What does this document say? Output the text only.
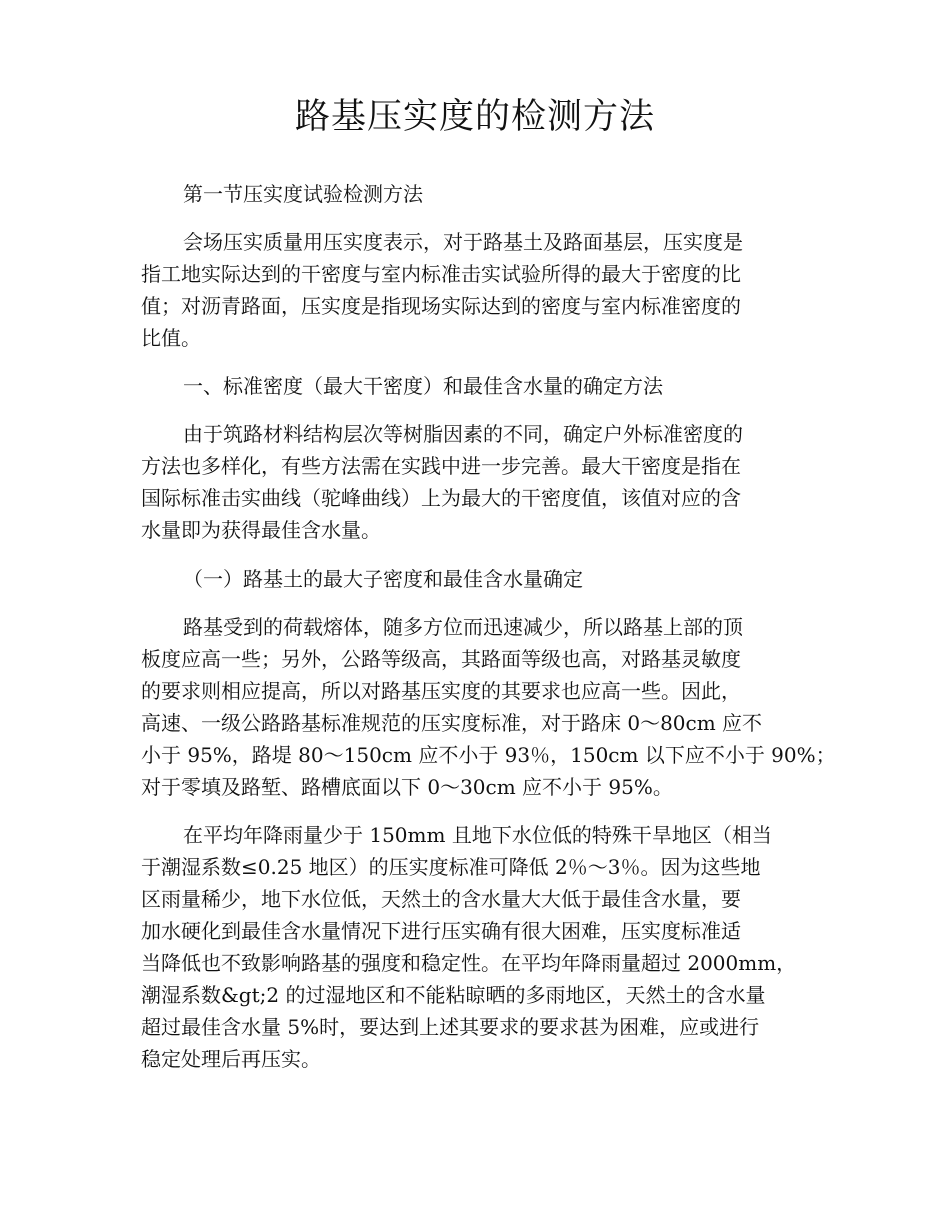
路基压实度的检测方法

第一节压实度试验检测方法

会场压实质量用压实度表示，对于路基土及路面基层，压实度是

指工地实际达到的干密度与室内标准击实试验所得的最大于密度的比

值；对沥青路面，压实度是指现场实际达到的密度与室内标准密度的

比值。

一、标准密度（最大干密度）和最佳含水量的确定方法

由于筑路材料结构层次等树脂因素的不同，确定户外标准密度的

方法也多样化，有些方法需在实践中进一步完善。最大干密度是指在

国际标准击实曲线（驼峰曲线）上为最大的干密度值，该值对应的含

水量即为获得最佳含水量。

（一）路基土的最大子密度和最佳含水量确定

路基受到的荷载熔体，随多方位而迅速减少，所以路基上部的顶

板度应高一些；另外，公路等级高，其路面等级也高，对路基灵敏度

的要求则相应提高，所以对路基压实度的其要求也应高一些。因此，

高速、一级公路路基标准规范的压实度标准，对于路床 0～80cm 应不

小于 95%，路堤 80～150cm 应不小于 93％，150cm 以下应不小于 90%；

对于零填及路堑、路槽底面以下 0～30cm 应不小于 95%。

在平均年降雨量少于 150mm 且地下水位低的特殊干旱地区（相当

于潮湿系数≤0.25 地区）的压实度标准可降低 2％～3％。因为这些地

区雨量稀少，地下水位低，天然土的含水量大大低于最佳含水量，要

加水硬化到最佳含水量情况下进行压实确有很大困难，压实度标准适

当降低也不致影响路基的强度和稳定性。在平均年降雨量超过 2000mm，

潮湿系数&gt;2 的过湿地区和不能粘晾晒的多雨地区，天然土的含水量

超过最佳含水量 5%时，要达到上述其要求的要求甚为困难，应或进行

稳定处理后再压实。
